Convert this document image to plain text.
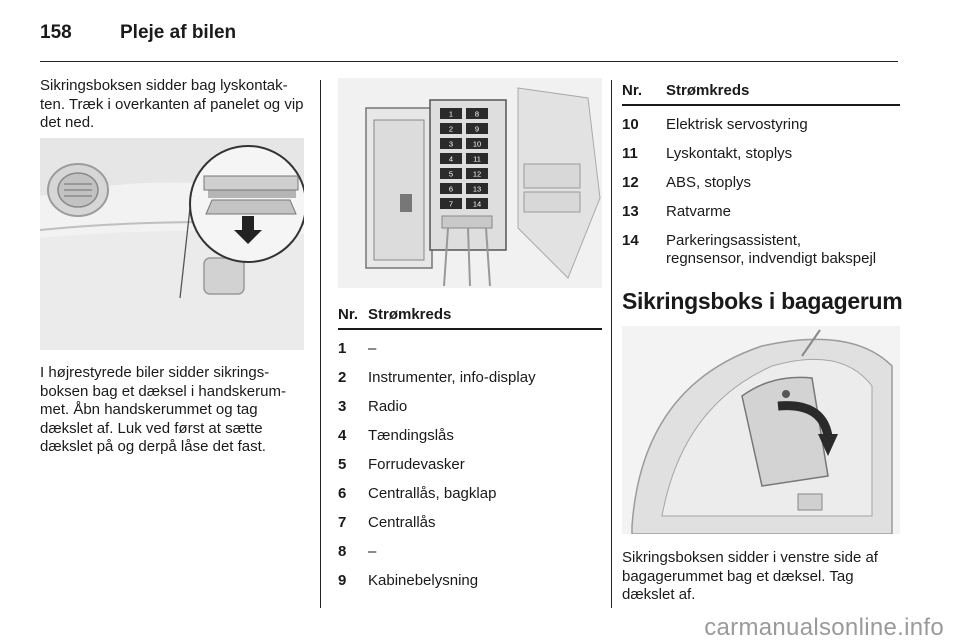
158	Pleje af bilen

Sikringsboksen sidder bag lyskontak-ten. Træk i overkanten af panelet og vip det ned.

I højrestyrede biler sidder sikrings-boksen bag et dæksel i handskerum-met. Åbn handskerummet og tag dækslet af. Luk ved først at sætte dækslet på og derpå låse det fast.

1	8
2	9
3	10
4	11
5	12
6	13
7	14
Nr. Strømkreds
1	–
2	Instrumenter, info-display
3	Radio
4	Tændingslås
5	Forrudevasker
6	Centrallås, bagklap
7	Centrallås
8	–
9	Kabinebelysning
Nr.	Strømkreds
10	Elektrisk servostyring
11	Lyskontakt, stoplys
12	ABS, stoplys
13	Ratvarme
14	Parkeringsassistent,
regnsensor, indvendigt bakspejl
Sikringsboks i bagagerum

Sikringsboksen sidder i venstre side af bagagerummet bag et dæksel. Tag dækslet af.

carmanualsonline.info
